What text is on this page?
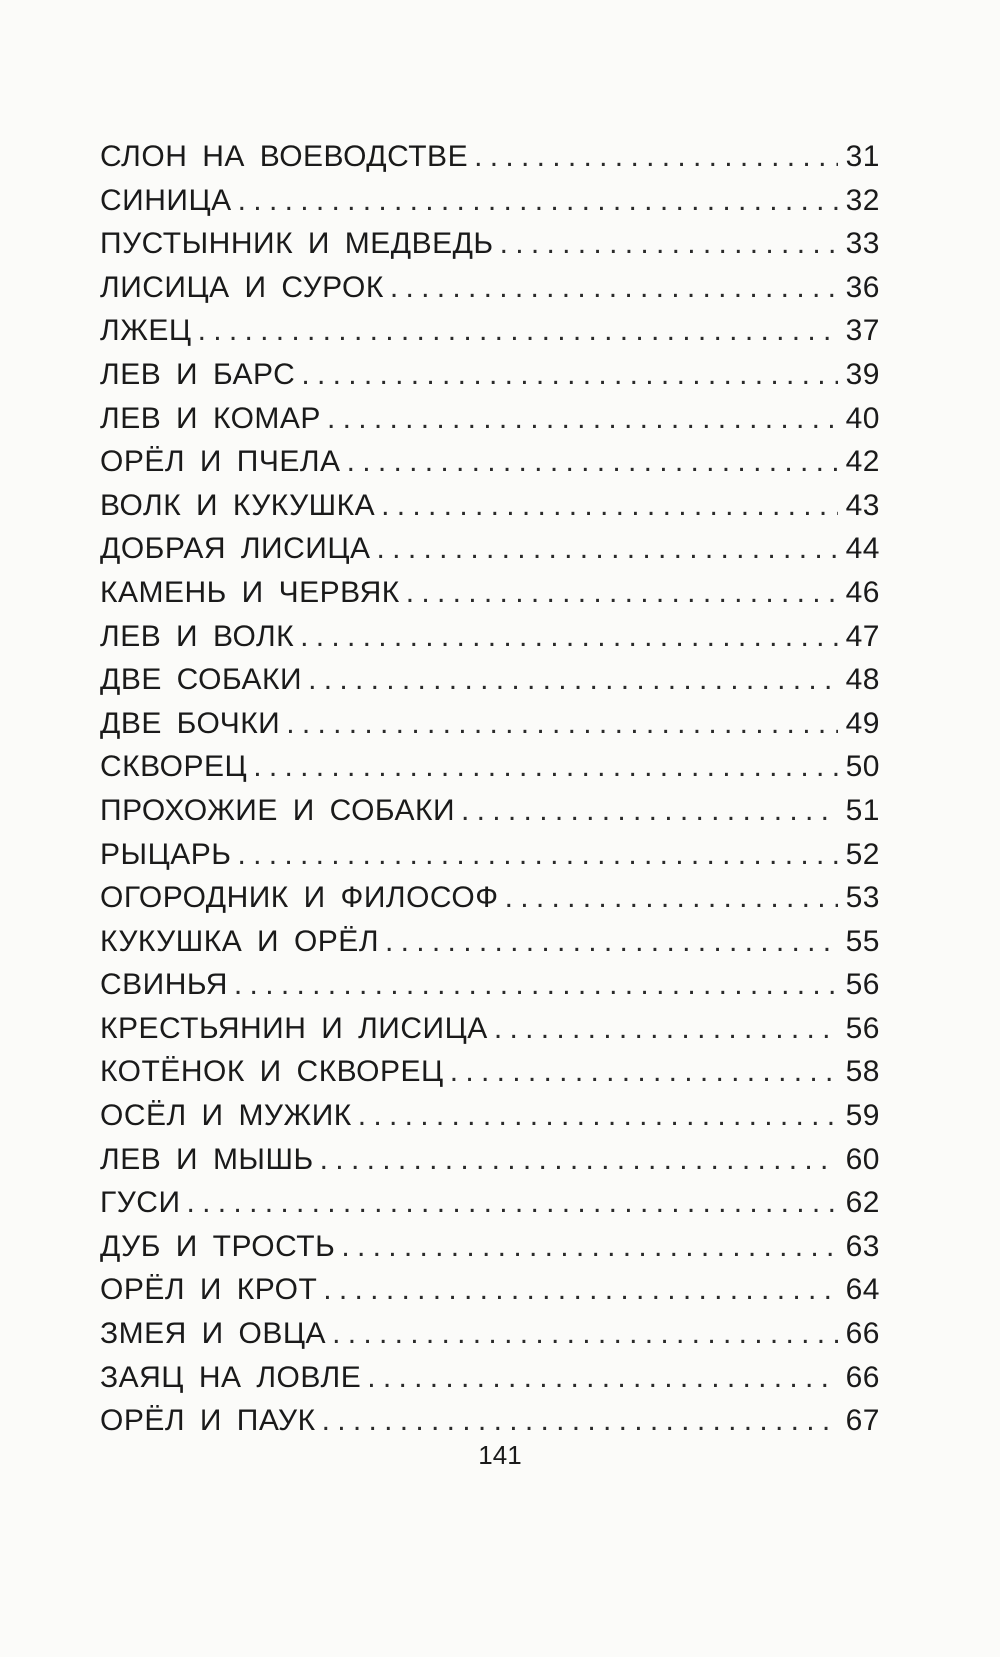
СЛОН НА ВОЕВОДСТВЕ .....	31
СИНИЦА .....	32
ПУСТЫННИК И МЕДВЕДЬ .....	33
ЛИСИЦА И СУРОК .....	36
ЛЖЕЦ .....	37
ЛЕВ И БАРС .....	39
ЛЕВ И КОМАР .....	40
ОРЁЛ И ПЧЕЛА .....	42
ВОЛК И КУКУШКА .....	43
ДОБРАЯ ЛИСИЦА .....	44
КАМЕНЬ И ЧЕРВЯК .....	46
ЛЕВ И ВОЛК .....	47
ДВЕ СОБАКИ .....	48
ДВЕ БОЧКИ .....	49
СКВОРЕЦ .....	50
ПРОХОЖИЕ И СОБАКИ .....	51
РЫЦАРЬ .....	52
ОГОРОДНИК И ФИЛОСОФ .....	53
КУКУШКА И ОРЁЛ .....	55
СВИНЬЯ .....	56
КРЕСТЬЯНИН И ЛИСИЦА .....	56
КОТЁНОК И СКВОРЕЦ .....	58
ОСЁЛ И МУЖИК .....	59
ЛЕВ И МЫШЬ .....	60
ГУСИ .....	62
ДУБ И ТРОСТЬ .....	63
ОРЁЛ И КРОТ .....	64
ЗМЕЯ И ОВЦА .....	66
ЗАЯЦ НА ЛОВЛЕ .....	66
ОРЁЛ И ПАУК .....	67
141
